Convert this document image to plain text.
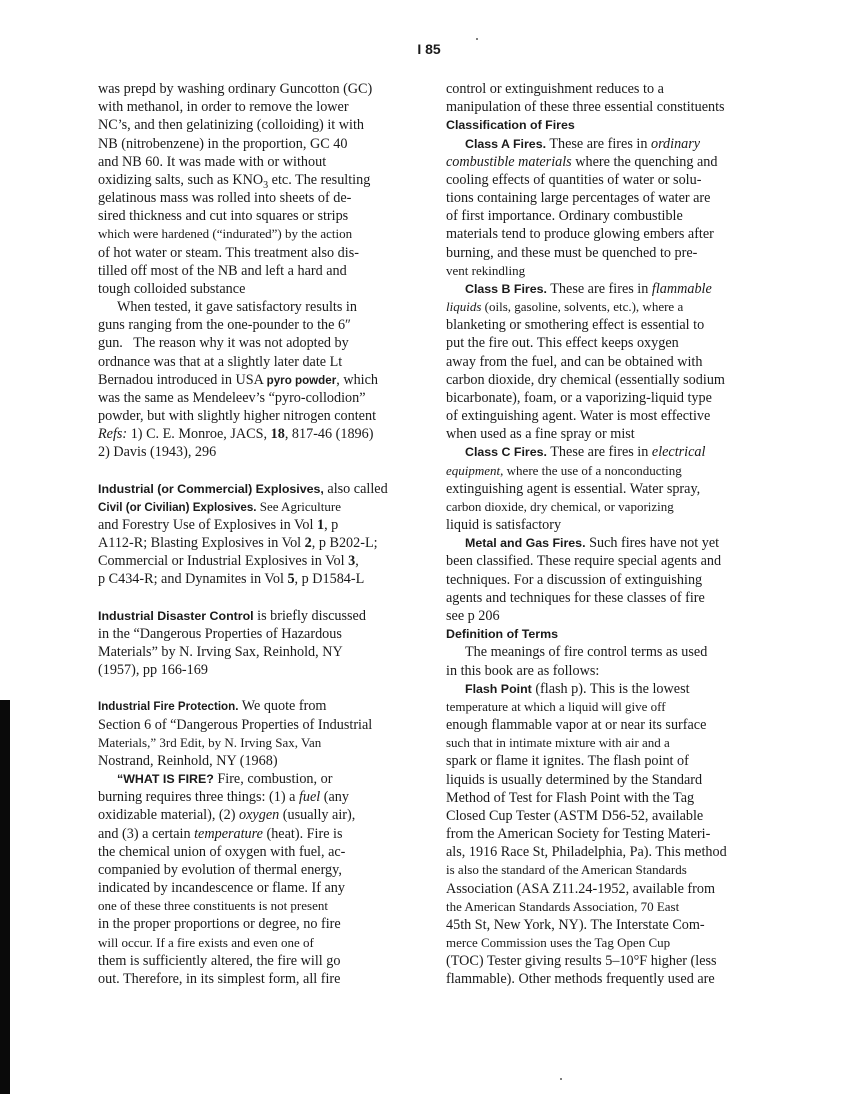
I 85
was prepd by washing ordinary Guncotton (GC)
with methanol, in order to remove the lower
NC’s, and then gelatinizing (colloiding) it with
NB (nitrobenzene) in the proportion, GC 40
and NB 60. It was made with or without
oxidizing salts, such as $KNO_3$ etc. The resulting
gelatinous mass was rolled into sheets of de-
sired thickness and cut into squares or strips
which were hardened (“indurated”) by the action
of hot water or steam. This treatment also dis-
tilled off most of the NB and left a hard and
tough colloided substance
When tested, it gave satisfactory results in
guns ranging from the one-pounder to the 6″
gun.   The reason why it was not adopted by
ordnance was that at a slightly later date Lt
Bernadou introduced in USA pyro powder, which
was the same as Mendeleev’s “pyro-collodion”
powder, but with slightly higher nitrogen content
Refs: 1) C. E. Monroe, JACS, 18, 817-46 (1896)
2) Davis (1943), 296
Industrial (or Commercial) Explosives, also called
Civil (or Civilian) Explosives. See Agriculture
and Forestry Use of Explosives in Vol 1, p
A112-R; Blasting Explosives in Vol 2, p B202-L;
Commercial or Industrial Explosives in Vol 3,
p C434-R; and Dynamites in Vol 5, p D1584-L
Industrial Disaster Control is briefly discussed
in the “Dangerous Properties of Hazardous
Materials” by N. Irving Sax, Reinhold, NY
(1957), pp 166-169
Industrial Fire Protection. We quote from
Section 6 of “Dangerous Properties of Industrial
Materials,” 3rd Edit, by N. Irving Sax, Van
Nostrand, Reinhold, NY (1968)
“WHAT IS FIRE? Fire, combustion, or
burning requires three things: (1) a fuel (any
oxidizable material), (2) oxygen (usually air),
and (3) a certain temperature (heat). Fire is
the chemical union of oxygen with fuel, ac-
companied by evolution of thermal energy,
indicated by incandescence or flame. If any
one of these three constituents is not present
in the proper proportions or degree, no fire
will occur. If a fire exists and even one of
them is sufficiently altered, the fire will go
out. Therefore, in its simplest form, all fire
control or extinguishment reduces to a
manipulation of these three essential constituents
Classification of Fires
Class A Fires. These are fires in ordinary
combustible materials where the quenching and
cooling effects of quantities of water or solu-
tions containing large percentages of water are
of first importance. Ordinary combustible
materials tend to produce glowing embers after
burning, and these must be quenched to pre-
vent rekindling
Class B Fires. These are fires in flammable
liquids (oils, gasoline, solvents, etc.), where a
blanketing or smothering effect is essential to
put the fire out. This effect keeps oxygen
away from the fuel, and can be obtained with
carbon dioxide, dry chemical (essentially sodium
bicarbonate), foam, or a vaporizing-liquid type
of extinguishing agent. Water is most effective
when used as a fine spray or mist
Class C Fires. These are fires in electrical
equipment, where the use of a nonconducting
extinguishing agent is essential. Water spray,
carbon dioxide, dry chemical, or vaporizing
liquid is satisfactory
Metal and Gas Fires. Such fires have not yet
been classified. These require special agents and
techniques. For a discussion of extinguishing
agents and techniques for these classes of fire
see p 206
Definition of Terms
The meanings of fire control terms as used
in this book are as follows:
Flash Point (flash p). This is the lowest
temperature at which a liquid will give off
enough flammable vapor at or near its surface
such that in intimate mixture with air and a
spark or flame it ignites. The flash point of
liquids is usually determined by the Standard
Method of Test for Flash Point with the Tag
Closed Cup Tester (ASTM D56-52, available
from the American Society for Testing Materi-
als, 1916 Race St, Philadelphia, Pa). This method
is also the standard of the American Standards
Association (ASA Z11.24-1952, available from
the American Standards Association, 70 East
45th St, New York, NY). The Interstate Com-
merce Commission uses the Tag Open Cup
(TOC) Tester giving results 5–10°F higher (less
flammable). Other methods frequently used are
